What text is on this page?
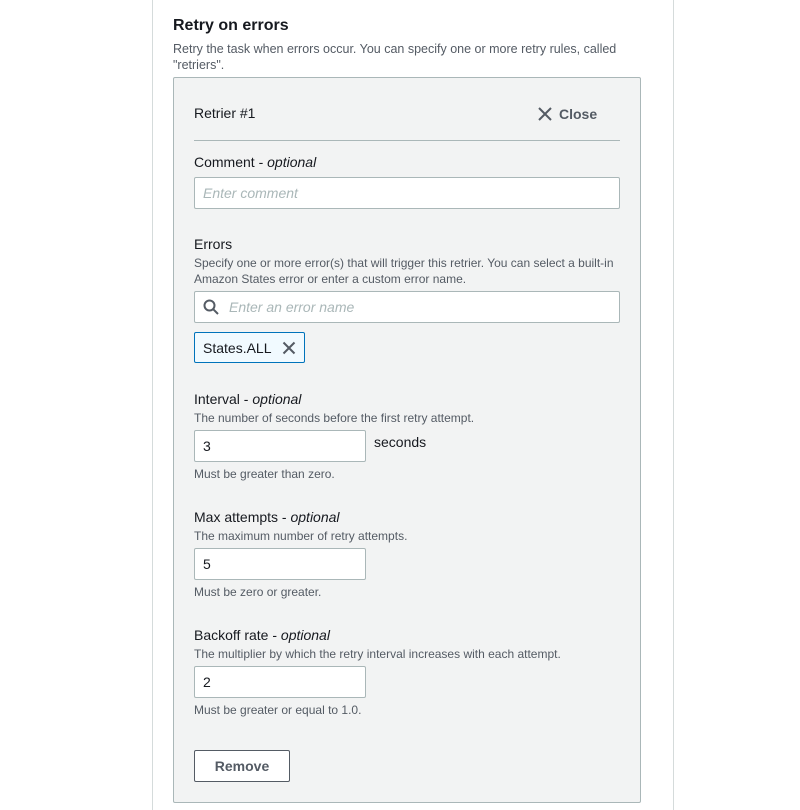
Retry on errors
Retry the task when errors occur. You can specify one or more retry rules, called "retriers".
Retrier #1	Close
Comment - optional
Enter comment
Errors
Specify one or more error(s) that will trigger this retrier. You can select a built-in Amazon States error or enter a custom error name.
Enter an error name
States.ALL
Interval - optional
The number of seconds before the first retry attempt.
3
seconds
Must be greater than zero.
Max attempts - optional
The maximum number of retry attempts.
5
Must be zero or greater.
Backoff rate - optional
The multiplier by which the retry interval increases with each attempt.
2
Must be greater or equal to 1.0.
Remove
